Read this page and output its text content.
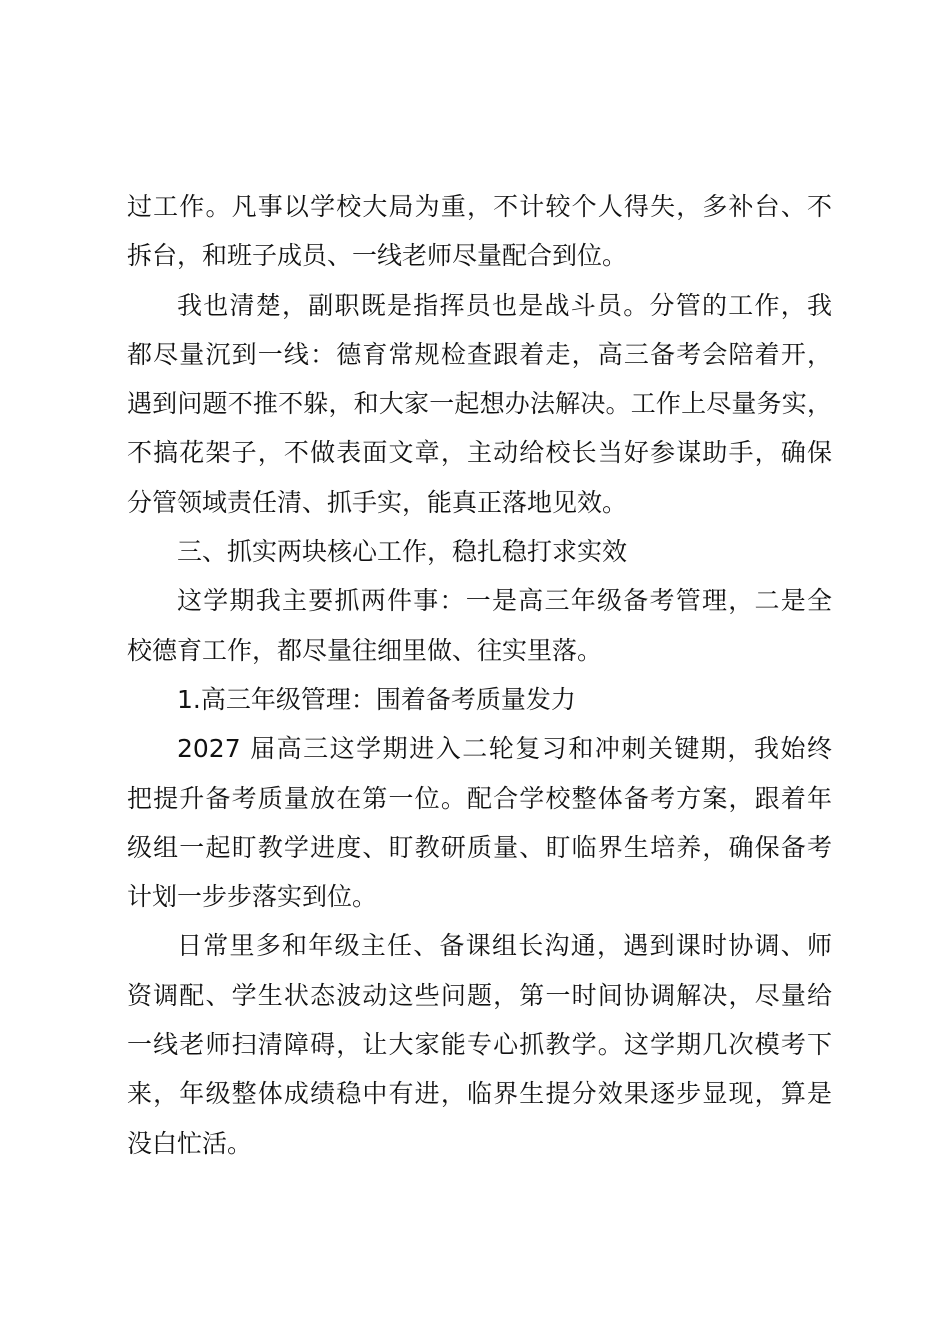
过工作。凡事以学校大局为重，不计较个人得失，多补台、不
拆台，和班子成员、一线老师尽量配合到位。
我也清楚，副职既是指挥员也是战斗员。分管的工作，我
都尽量沉到一线：德育常规检查跟着走，高三备考会陪着开，
遇到问题不推不躲，和大家一起想办法解决。工作上尽量务实，
不搞花架子，不做表面文章，主动给校长当好参谋助手，确保
分管领域责任清、抓手实，能真正落地见效。
三、抓实两块核心工作，稳扎稳打求实效
这学期我主要抓两件事：一是高三年级备考管理，二是全
校德育工作，都尽量往细里做、往实里落。
1.高三年级管理：围着备考质量发力
2027 届高三这学期进入二轮复习和冲刺关键期，我始终
把提升备考质量放在第一位。配合学校整体备考方案，跟着年
级组一起盯教学进度、盯教研质量、盯临界生培养，确保备考
计划一步步落实到位。
日常里多和年级主任、备课组长沟通，遇到课时协调、师
资调配、学生状态波动这些问题，第一时间协调解决，尽量给
一线老师扫清障碍，让大家能专心抓教学。这学期几次模考下
来，年级整体成绩稳中有进，临界生提分效果逐步显现，算是
没白忙活。
